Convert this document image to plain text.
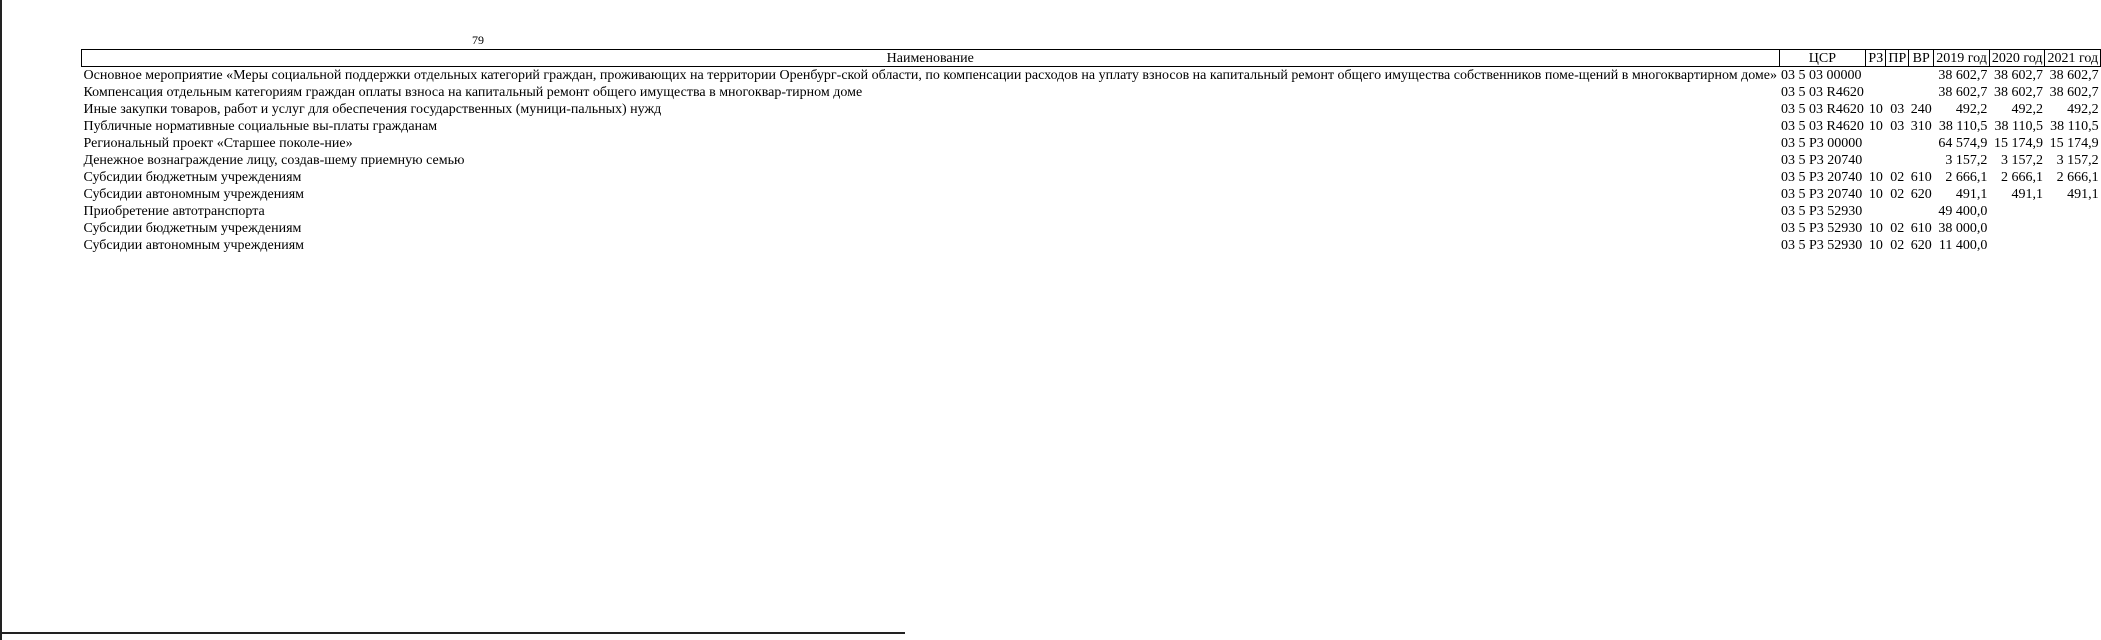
79
Наименование	ЦСР	РЗ	ПР	ВР	2019 год	2020 год	2021 год
Основное мероприятие «Меры социальной поддержки отдельных категорий граждан, проживающих на территории Оренбург-ской области, по компенсации расходов на уплату взносов на капитальный ремонт общего имущества собственников поме-щений в многоквартирном доме»	03 5 03 00000				38 602,7	38 602,7	38 602,7
Компенсация отдельным категориям граждан оплаты взноса на капитальный ремонт общего имущества в многоквар-тирном доме	03 5 03 R4620				38 602,7	38 602,7	38 602,7
Иные закупки товаров, работ и услуг для обеспечения государственных (муници-пальных) нужд	03 5 03 R4620	10	03	240	492,2	492,2	492,2
Публичные нормативные социальные вы-платы гражданам	03 5 03 R4620	10	03	310	38 110,5	38 110,5	38 110,5
Региональный проект «Старшее поколе-ние»	03 5 P3 00000				64 574,9	15 174,9	15 174,9
Денежное вознаграждение лицу, создав-шему приемную семью	03 5 P3 20740				3 157,2	3 157,2	3 157,2
Субсидии бюджетным учреждениям	03 5 P3 20740	10	02	610	2 666,1	2 666,1	2 666,1
Субсидии автономным учреждениям	03 5 P3 20740	10	02	620	491,1	491,1	491,1
Приобретение автотранспорта	03 5 P3 52930				49 400,0		
Субсидии бюджетным учреждениям	03 5 P3 52930	10	02	610	38 000,0		
Субсидии автономным учреждениям	03 5 P3 52930	10	02	620	11 400,0		
